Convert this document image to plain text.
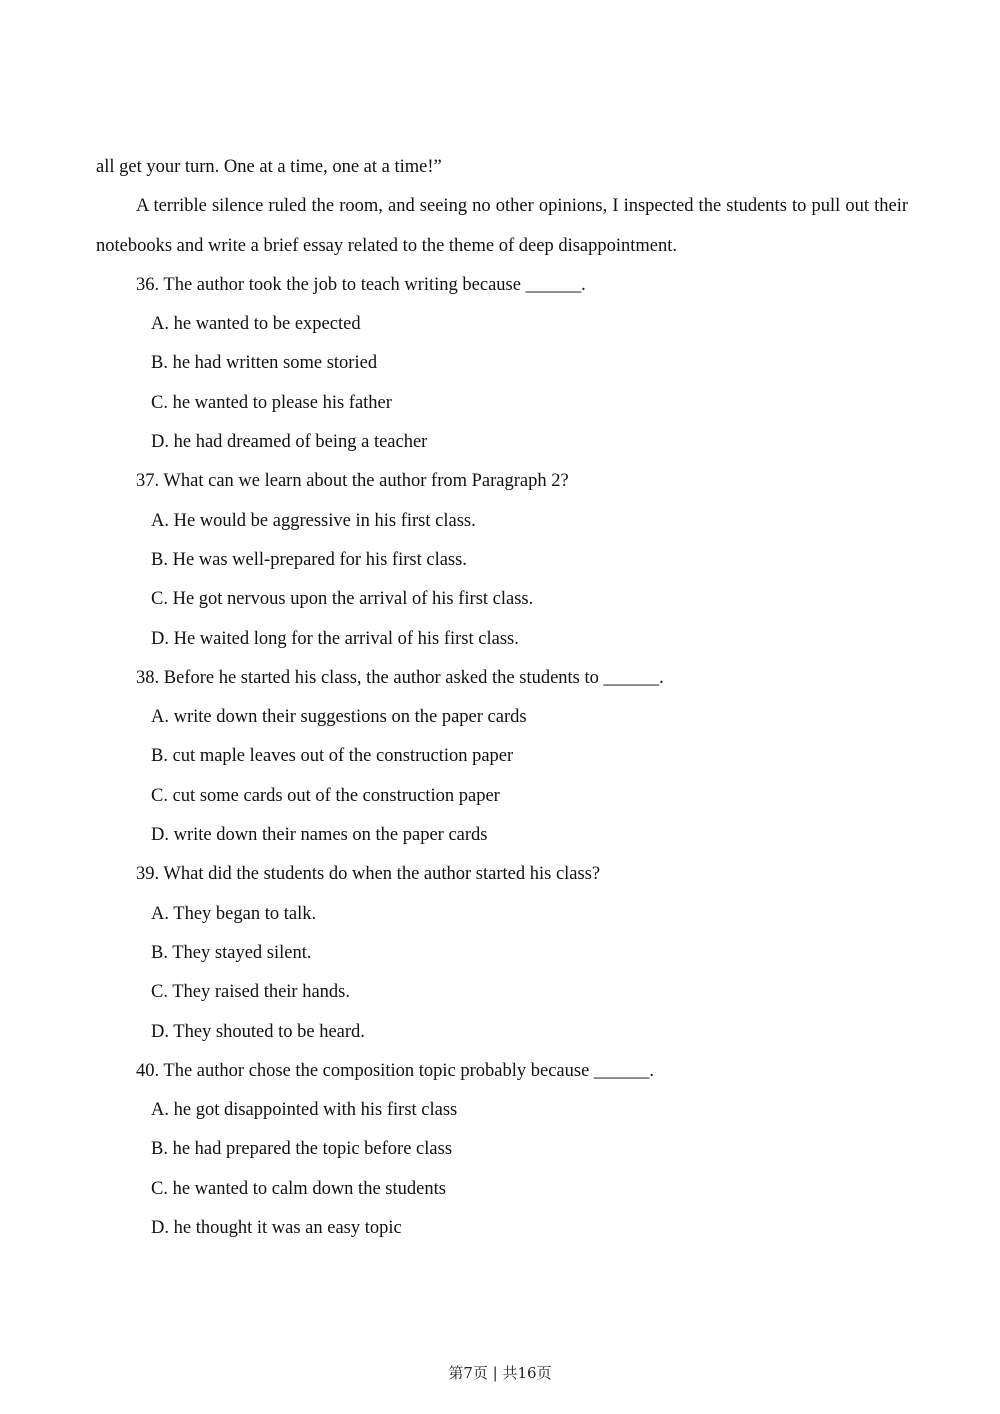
all get your turn. One at a time, one at a time!”
A terrible silence ruled the room, and seeing no other opinions, I inspected the students to pull out their notebooks and write a brief essay related to the theme of deep disappointment.
36. The author took the job to teach writing because ______.
A. he wanted to be expected
B. he had written some storied
C. he wanted to please his father
D. he had dreamed of being a teacher
37. What can we learn about the author from Paragraph 2?
A. He would be aggressive in his first class.
B. He was well-prepared for his first class.
C. He got nervous upon the arrival of his first class.
D. He waited long for the arrival of his first class.
38. Before he started his class, the author asked the students to ______.
A. write down their suggestions on the paper cards
B. cut maple leaves out of the construction paper
C. cut some cards out of the construction paper
D. write down their names on the paper cards
39. What did the students do when the author started his class?
A. They began to talk.
B. They stayed silent.
C. They raised their hands.
D. They shouted to be heard.
40. The author chose the composition topic probably because ______.
A. he got disappointed with his first class
B. he had prepared the topic before class
C. he wanted to calm down the students
D. he thought it was an easy topic
第7页 | 共16页
